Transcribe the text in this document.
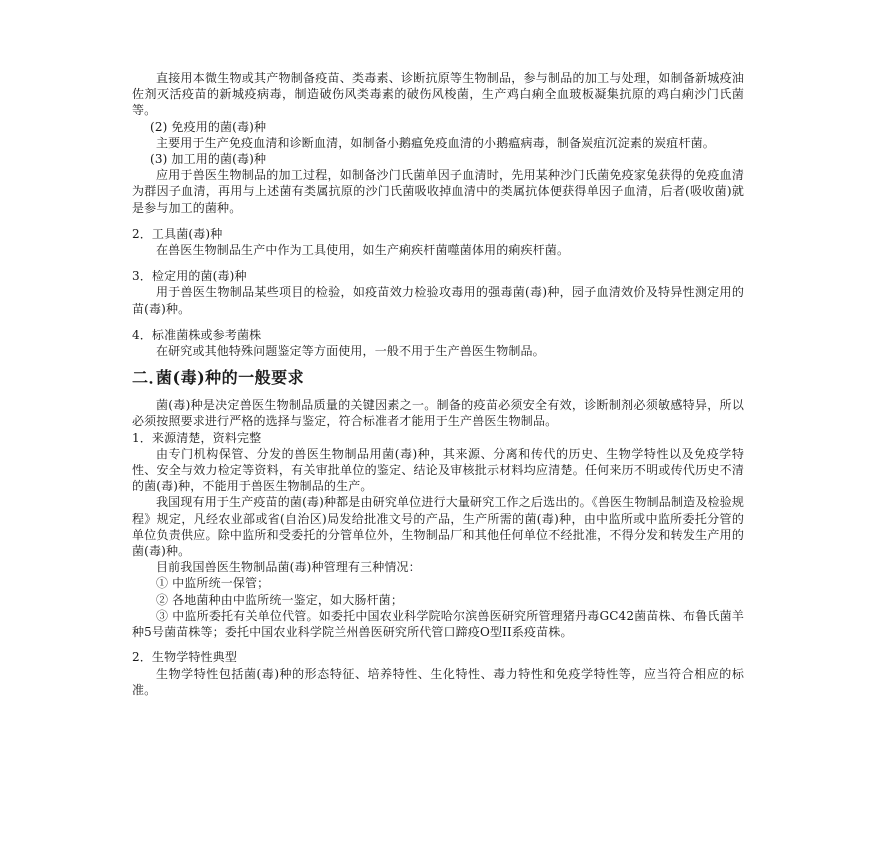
直接用本微生物或其产物制备疫苗、类毒素、诊断抗原等生物制品，参与制品的加工与处理，如制备新城疫油佐剂灭活疫苗的新城疫病毒，制造破伤风类毒素的破伤风梭菌，生产鸡白痢全血玻板凝集抗原的鸡白痢沙门氏菌等。

(2) 免疫用的菌(毒)种

主要用于生产免疫血清和诊断血清，如制备小鹅瘟免疫血清的小鹅瘟病毒，制备炭疽沉淀素的炭疽杆菌。

(3) 加工用的菌(毒)种

应用于兽医生物制品的加工过程，如制备沙门氏菌单因子血清时，先用某种沙门氏菌免疫家兔获得的免疫血清为群因子血清，再用与上述菌有类属抗原的沙门氏菌吸收掉血清中的类属抗体便获得单因子血清，后者(吸收菌)就是参与加工的菌种。

2．工具菌(毒)种

在兽医生物制品生产中作为工具使用，如生产痢疾杆菌噬菌体用的痢疾杆菌。

3．检定用的菌(毒)种

用于兽医生物制品某些项目的检验，如疫苗效力检验攻毒用的强毒菌(毒)种，园子血清效价及特异性测定用的苗(毒)种。

4．标准菌株或参考菌株

在研究或其他特殊问题鉴定等方面使用，一般不用于生产兽医生物制品。

二．菌(毒)种的一般要求

菌(毒)种是决定兽医生物制品质量的关键因素之一。制备的疫苗必须安全有效，诊断制剂必须敏感特异，所以必须按照要求进行严格的选择与鉴定，符合标准者才能用于生产兽医生物制品。

1．来源清楚，资料完整

由专门机构保管、分发的兽医生物制品用菌(毒)种，其来源、分离和传代的历史、生物学特性以及免疫学特性、安全与效力检定等资料，有关审批单位的鉴定、结论及审核批示材料均应清楚。任何来历不明或传代历史不清的菌(毒)种，不能用于兽医生物制品的生产。

我国现有用于生产疫苗的菌(毒)种都是由研究单位进行大量研究工作之后选出的。《兽医生物制品制造及检验规程》规定，凡经农业部或省(自治区)局发给批准文号的产品，生产所需的菌(毒)种，由中监所或中监所委托分管的单位负责供应。除中监所和受委托的分管单位外，生物制品厂和其他任何单位不经批准，不得分发和转发生产用的菌(毒)种。

目前我国兽医生物制品菌(毒)种管理有三种情况：

① 中监所统一保管；

② 各地菌种由中监所统一鉴定，如大肠杆菌；

③ 中监所委托有关单位代管。如委托中国农业科学院哈尔滨兽医研究所管理猪丹毒GC42菌苗株、布鲁氏菌羊种5号菌苗株等；委托中国农业科学院兰州兽医研究所代管口蹄疫O型II系疫苗株。

2．生物学特性典型

生物学特性包括菌(毒)种的形态特征、培养特性、生化特性、毒力特性和免疫学特性等，应当符合相应的标准。
